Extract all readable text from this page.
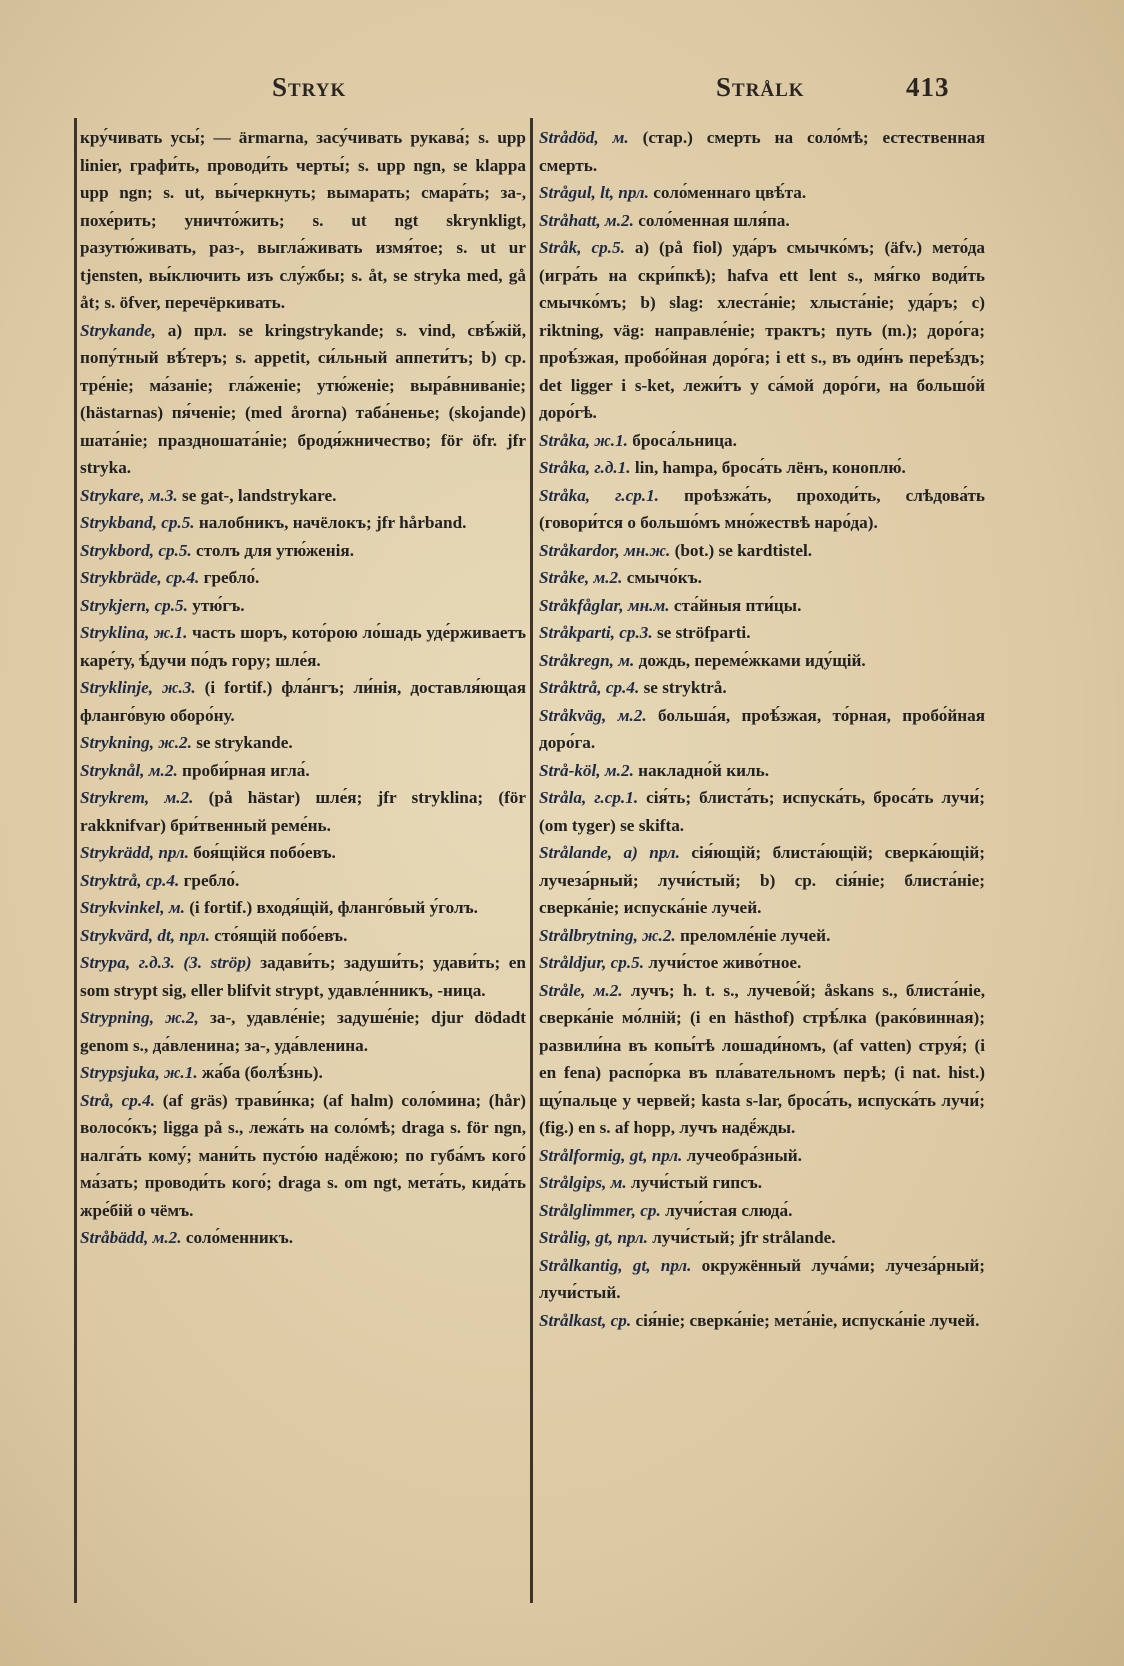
Stryk	Strålk	413

кру́чивать усы́; — ärmarna, засу́чивать рукава́; s. upp linier, графи́ть, проводи́ть черты́; s. upp ngn, se klappa upp ngn; s. ut, вы́черкнуть; вымарать; смара́ть; за-, похе́рить; уничто́жить; s. ut ngt skrynkligt, разутю́живать, раз-, выгла́живать измя́тое; s. ut ur tjensten, вы́ключить изъ слу́жбы; s. åt, se stryka med, gå åt; s. öfver, перечёркивать.

Strykande, a) прл. se kringstrykande; s. vind, свѣ́жій, попу́тный вѣ́теръ; s. appetit, си́льный аппети́тъ; b) ср. тре́ніе; ма́заніе; гла́женіе; утю́женіе; выра́вниваніе; (hästarnas) пя́ченіе; (med årorna) таба́ненье; (skojande) шата́ніе; праздношата́ніе; бродя́жничество; för öfr. jfr stryka.

Strykare, м.3. se gat-, landstrykare.

Strykband, ср.5. налобникъ, начёлокъ; jfr hårband.

Strykbord, ср.5. столъ для утю́женія.

Strykbräde, ср.4. гребло́.

Strykjern, ср.5. утю́гъ.

Stryklina, ж.1. часть шоръ, кото́рою ло́шадь уде́рживаетъ каре́ту, ѣ́дучи по́дъ гору; шле́я.

Stryklinje, ж.3. (i fortif.) фла́нгъ; ли́нія, доставля́ющая фланго́вую оборо́ну.

Strykning, ж.2. se strykande.

Stryknål, м.2. проби́рная игла́.

Strykrem, м.2. (på hästar) шле́я; jfr stryklina; (för rakknifvar) бри́твенный реме́нь.

Strykrädd, прл. боя́щійся побо́евъ.

Stryktrå, ср.4. гребло́.

Strykvinkel, м. (i fortif.) входя́щій, фланго́вый у́голъ.

Strykvärd, dt, прл. сто́ящій побо́евъ.

Strypa, г.д.3. (3. ströp) задави́ть; задуши́ть; удави́ть; en som strypt sig, eller blifvit strypt, удавле́нникъ, -ница.

Strypning, ж.2, за-, удавле́ніе; задуше́ніе; djur dödadt genom s., да́вленина; за-, уда́вленина.

Strypsjuka, ж.1. жа́ба (болѣ́знь).

Strå, ср.4. (af gräs) трави́нка; (af halm) соло́мина; (hår) волосо́къ; ligga på s., лежа́ть на соло́мѣ; draga s. för ngn, налга́ть кому́; мани́ть пусто́ю надё́жою; по губа́мъ кого́ ма́зать; проводи́ть кого́; draga s. om ngt, мета́ть, кида́ть жре́бій о чёмъ.

Stråbädd, м.2. соло́менникъ.

Strådöd, м. (стар.) смерть на соло́мѣ; естественная смерть.

Strågul, lt, прл. соло́меннаго цвѣ́та.

Stråhatt, м.2. соло́менная шля́па.

Stråk, ср.5. a) (på fiol) уда́ръ смычко́мъ; (äfv.) мето́да (игра́ть на скри́пкѣ); hafva ett lent s., мя́гко води́ть смычко́мъ; b) slag: хлеста́ніе; хлыста́ніе; уда́ръ; c) riktning, väg: направле́ніе; трактъ; путь (m.); доро́га; проѣ́зжая, пробо́йная доро́га; i ett s., въ оди́нъ переѣ́здъ; det ligger i s-ket, лежи́тъ у са́мой доро́ги, на большо́й доро́гѣ.

Stråka, ж.1. броса́льница.

Stråka, г.д.1. lin, hampa, броса́ть лёнъ, коноплю́.

Stråka, г.ср.1. проѣзжа́ть, проходи́ть, слѣдова́ть (говори́тся о большо́мъ мно́жествѣ наро́да).

Stråkardor, мн.ж. (bot.) se kardtistel.

Stråke, м.2. смычо́къ.

Stråkfåglar, мн.м. ста́йныя пти́цы.

Stråkparti, ср.3. se ströfparti.

Stråkregn, м. дождь, переме́жками иду́щій.

Stråktrå, ср.4. se stryktrå.

Stråkväg, м.2. больша́я, проѣ́зжая, то́рная, пробо́йная доро́га.

Strå-köl, м.2. накладно́й киль.

Stråla, г.ср.1. сія́ть; блиста́ть; испуска́ть, броса́ть лучи́; (om tyger) se skifta.

Strålande, a) прл. сія́ющій; блиста́ющій; сверка́ющій; лучеза́рный; лучи́стый; b) ср. сія́ніе; блиста́ніе; сверка́ніе; испуска́ніе лучей.

Strålbrytning, ж.2. преломле́ніе лучей.

Stråldjur, ср.5. лучи́стое живо́тное.

Stråle, м.2. лучъ; h. t. s., лучево́й; åskans s., блиста́ніе, сверка́ніе мо́лній; (i en hästhof) стрѣ́лка (рако́винная); развили́на въ копы́тѣ лошади́номъ, (af vatten) струя́; (i en fena) распо́рка въ пла́вательномъ перѣ; (i nat. hist.) щу́пальце у червей; kasta s-lar, броса́ть, испуска́ть лучи́; (fig.) en s. af hopp, лучъ надё́жды.

Strålformig, gt, прл. лучеобра́зный.

Strålgips, м. лучи́стый гипсъ.

Strålglimmer, ср. лучи́стая слюда́.

Strålig, gt, прл. лучи́стый; jfr strålande.

Strålkantig, gt, прл. окружённый луча́ми; лучеза́рный; лучи́стый.

Strålkast, ср. сія́ніе; сверка́ніе; мета́ніе, испуска́ніе лучей.
